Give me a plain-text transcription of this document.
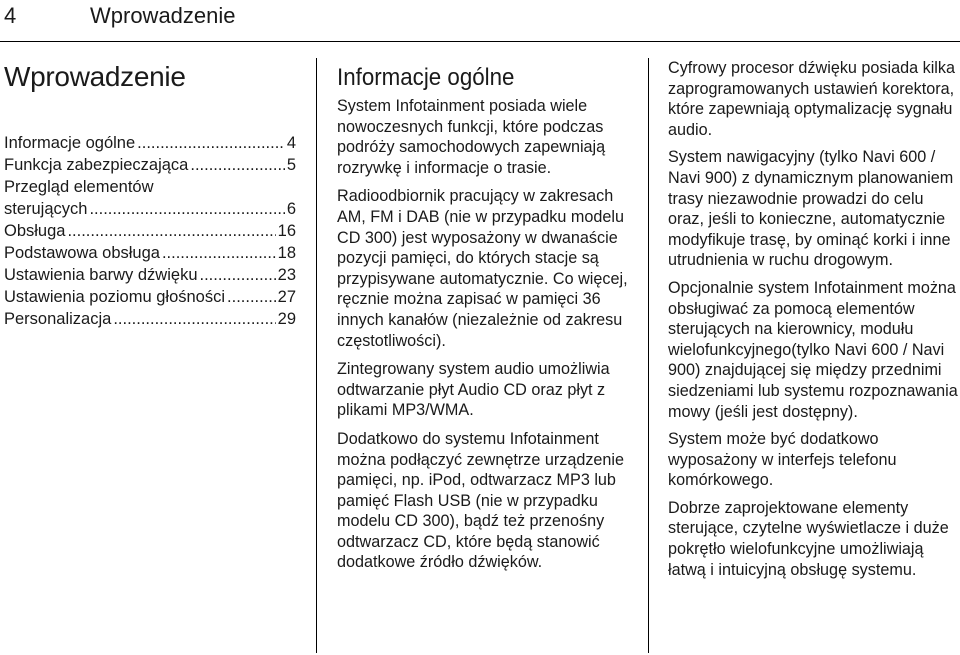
4	Wprowadzenie
Wprowadzenie
Informacje ogólne .....	4
Funkcja zabezpieczająca .....	5
Przegląd elementów
sterujących .....	6
Obsługa .....	16
Podstawowa obsługa .....	18
Ustawienia barwy dźwięku .....	23
Ustawienia poziomu głośności .....	27
Personalizacja .....	29
Informacje ogólne

System Infotainment posiada wiele nowoczesnych funkcji, które podczas podróży samochodowych zapewniają rozrywkę i informacje o trasie.

Radioodbiornik pracujący w zakresach AM, FM i DAB (nie w przypadku modelu CD 300) jest wyposażony w dwanaście pozycji pamięci, do których stacje są przypisywane automatycznie. Co więcej, ręcznie można zapisać w pamięci 36 innych kanałów (niezależnie od zakresu częstotliwości).

Zintegrowany system audio umożliwia odtwarzanie płyt Audio CD oraz płyt z plikami MP3/WMA.

Dodatkowo do systemu Infotainment można podłączyć zewnętrze urządzenie pamięci, np. iPod, odtwarzacz MP3 lub pamięć Flash USB (nie w przypadku modelu CD 300), bądź też przenośny odtwarzacz CD, które będą stanowić dodatkowe źródło dźwięków.

Cyfrowy procesor dźwięku posiada kilka zaprogramowanych ustawień korektora, które zapewniają optymalizację sygnału audio.

System nawigacyjny (tylko Navi 600 / Navi 900) z dynamicznym planowaniem trasy niezawodnie prowadzi do celu oraz, jeśli to konieczne, automatycznie modyfikuje trasę, by ominąć korki i inne utrudnienia w ruchu drogowym.

Opcjonalnie system Infotainment można obsługiwać za pomocą elementów sterujących na kierownicy, modułu wielofunkcyjnego(tylko Navi 600 / Navi 900) znajdującej się między przednimi siedzeniami lub systemu rozpoznawania mowy (jeśli jest dostępny).

System może być dodatkowo wyposażony w interfejs telefonu komórkowego.

Dobrze zaprojektowane elementy sterujące, czytelne wyświetlacze i duże pokrętło wielofunkcyjne umożliwiają łatwą i intuicyjną obsługę systemu.
